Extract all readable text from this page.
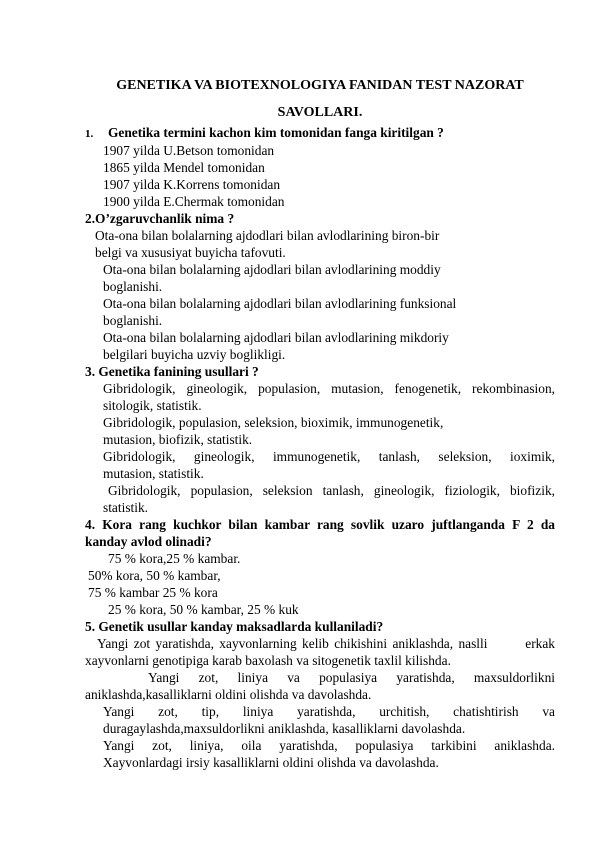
GENETIKA VA BIOTEXNOLOGIYA FANIDAN TEST NAZORAT SAVOLLARI.
1. Genetika termini kachon kim tomonidan fanga kiritilgan ?
1907 yilda U.Betson tomonidan
1865 yilda Mendel tomonidan
1907 yilda K.Korrens tomonidan
1900 yilda E.Chermak tomonidan
2.O’zgaruvchanlik nima ?
Ota-ona bilan bolalarning ajdodlari bilan avlodlarining biron-bir
belgi va xususiyat buyicha tafovuti.
Ota-ona bilan bolalarning ajdodlari bilan avlodlarining moddiy
boglanishi.
Ota-ona bilan bolalarning ajdodlari bilan avlodlarining funksional
boglanishi.
Ota-ona bilan bolalarning ajdodlari bilan avlodlarining mikdoriy
belgilari buyicha uzviy boglikligi.
3. Genetika fanining usullari ?
Gibridologik, gineologik, populasion, mutasion, fenogenetik, rekombinasion,
sitologik, statistik.
Gibridologik, populasion, seleksion, bioximik, immunogenetik,
mutasion, biofizik, statistik.
Gibridologik, gineologik, immunogenetik, tanlash, seleksion, ioximik,
mutasion, statistik.
Gibridologik, populasion, seleksion tanlash, gineologik, fiziologik, biofizik,
statistik.
4. Kora rang kuchkor bilan kambar rang sovlik uzaro juftlanganda F 2 da
kanday avlod olinadi?
75 % kora,25 % kambar.
50% kora, 50 % kambar,
75 % kambar 25 % kora
25 % kora, 50 % kambar, 25 % kuk
5. Genetik usullar kanday maksadlarda kullaniladi?
Yangi zot yaratishda, xayvonlarning kelib chikishini aniklashda, naslli       erkak
xayvonlarni genotipiga karab baxolash va sitogenetik taxlil kilishda.
Yangi zot, liniya va populasiya yaratishda, maxsuldorlikni
aniklashda,kasalliklarni oldini olishda va davolashda.
Yangi zot, tip, liniya yaratishda, urchitish, chatishtirish va
duragaylashda,maxsuldorlikni aniklashda, kasalliklarni davolashda.
Yangi zot, liniya, oila yaratishda, populasiya tarkibini aniklashda.
Xayvonlardagi irsiy kasalliklarni oldini olishda va davolashda.
